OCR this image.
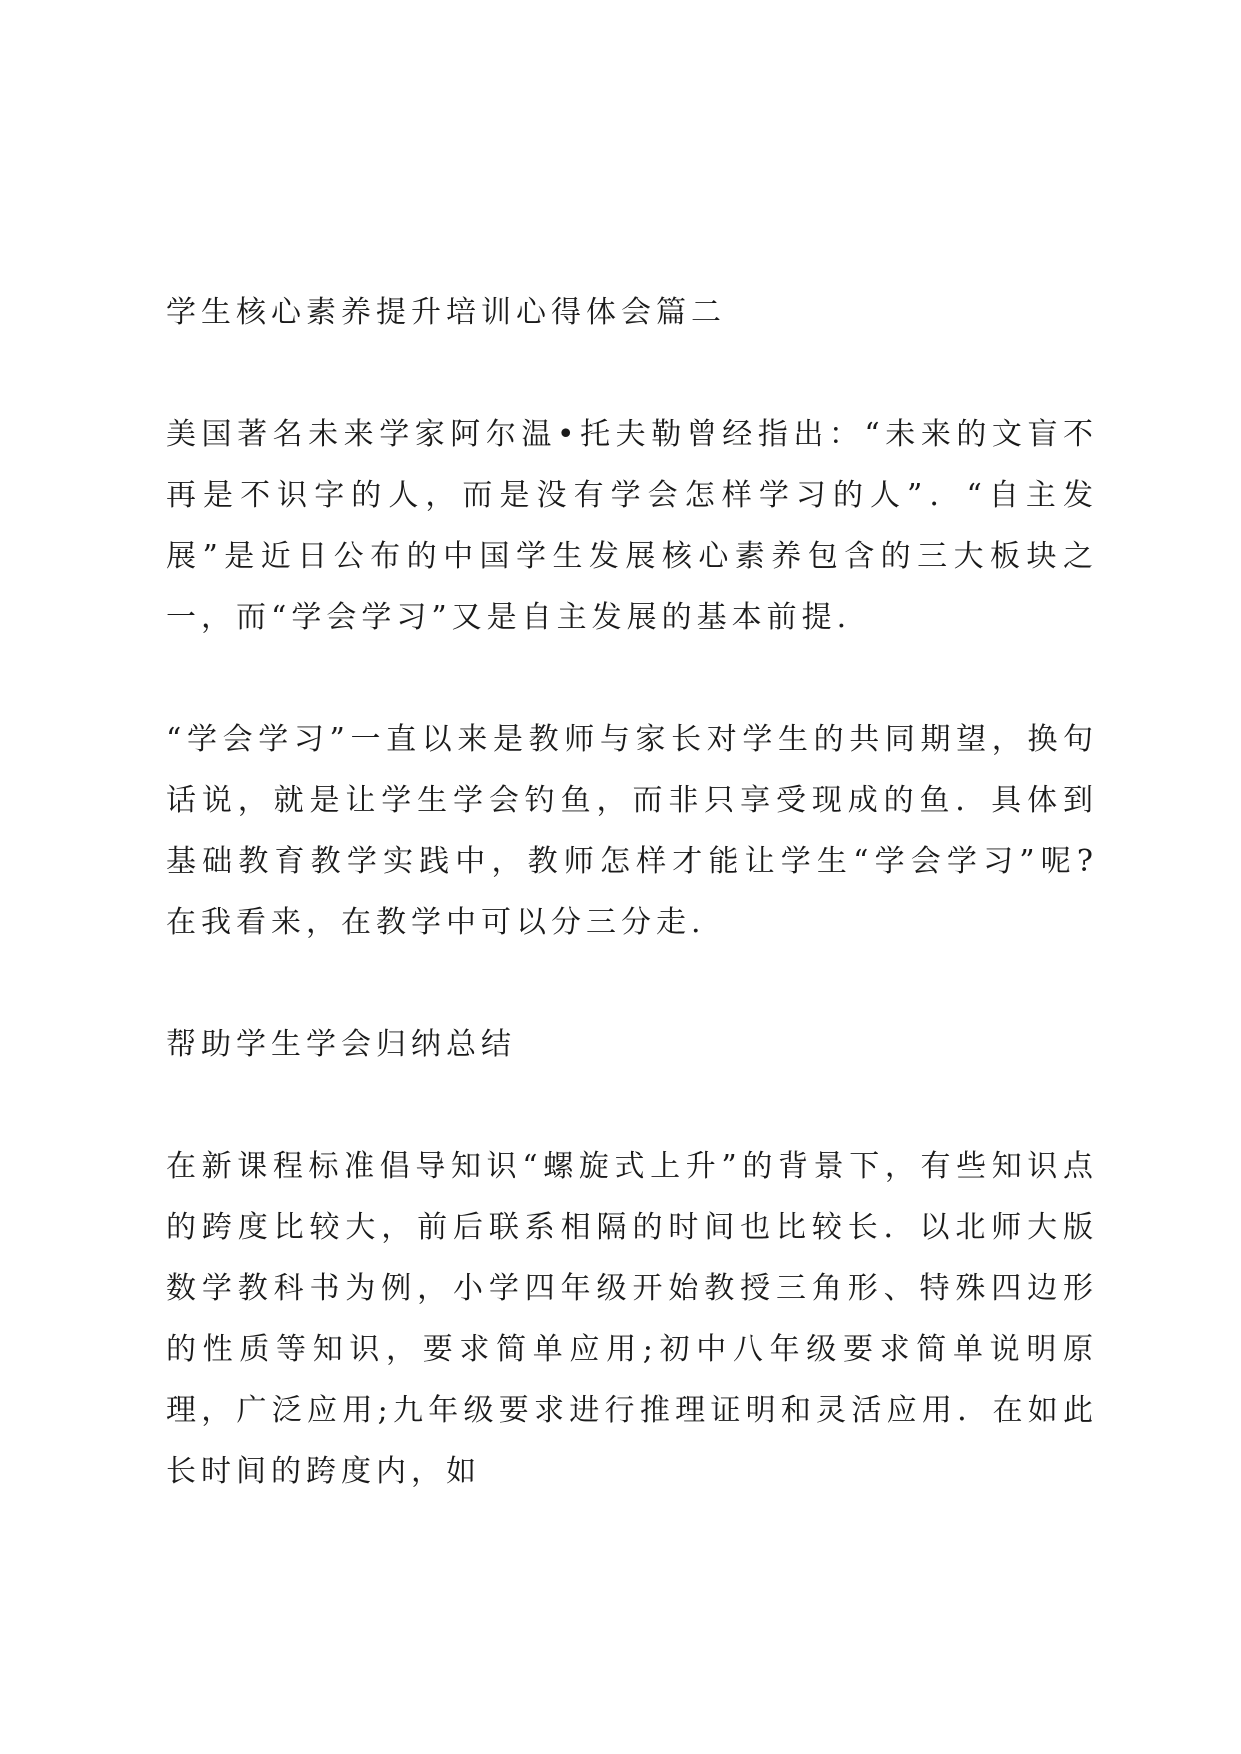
学生核心素养提升培训心得体会篇二

美国著名未来学家阿尔温•托夫勒曾经指出：“未来的文盲不再是不识字的人，而是没有学会怎样学习的人”．“自主发展”是近日公布的中国学生发展核心素养包含的三大板块之一，而“学会学习”又是自主发展的基本前提.

“学会学习”一直以来是教师与家长对学生的共同期望，换句话说，就是让学生学会钓鱼，而非只享受现成的鱼．具体到基础教育教学实践中，教师怎样才能让学生“学会学习”呢?在我看来，在教学中可以分三分走.

帮助学生学会归纳总结

在新课程标准倡导知识“螺旋式上升”的背景下，有些知识点的跨度比较大，前后联系相隔的时间也比较长．以北师大版数学教科书为例，小学四年级开始教授三角形、特殊四边形的性质等知识，要求简单应用;初中八年级要求简单说明原理，广泛应用;九年级要求进行推理证明和灵活应用．在如此长时间的跨度内，如
